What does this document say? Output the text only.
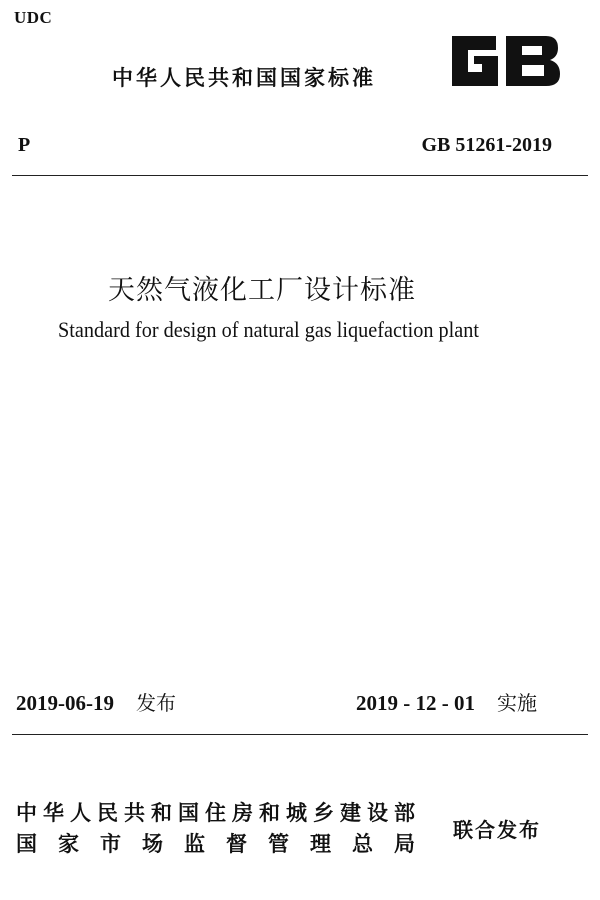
UDC
中华人民共和国国家标准
P	GB 51261-2019
天然气液化工厂设计标准
Standard for design of natural gas liquefaction plant
2019-06-19 发布	2019 - 12 - 01 实施
中华人民共和国住房和城乡建设部
国家市场监督管理总局
联合发布
